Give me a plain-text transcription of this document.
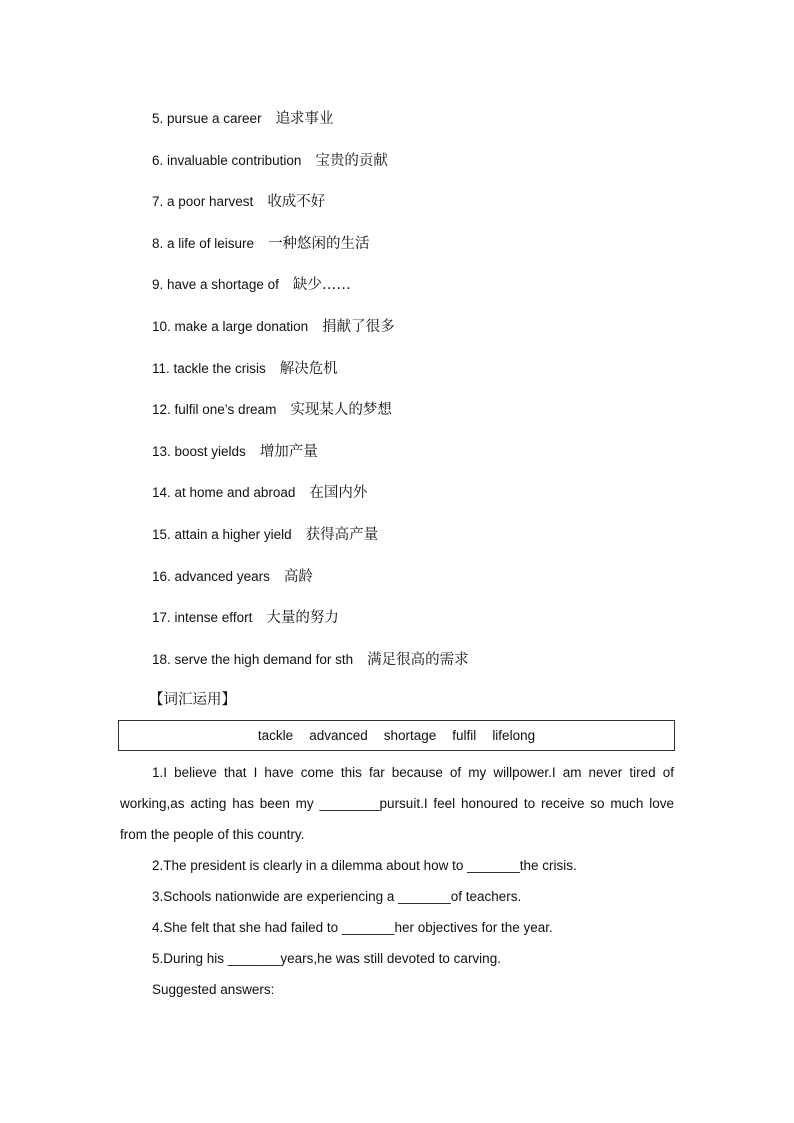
5. pursue a career 追求事业
6. invaluable contribution 宝贵的贡献
7. a poor harvest 收成不好
8. a life of leisure 一种悠闲的生活
9. have a shortage of 缺少……
10. make a large donation 捐献了很多
11. tackle the crisis 解决危机
12. fulfil one’s dream 实现某人的梦想
13. boost yields 增加产量
14. at home and abroad 在国内外
15. attain a higher yield 获得高产量
16. advanced years 高龄
17. intense effort 大量的努力
18. serve the high demand for sth 满足很高的需求
【词汇运用】
tackle advanced shortage fulfil lifelong

1.I believe that I have come this far because of my willpower.I am never tired of working,as acting has been my ________pursuit.I feel honoured to receive so much love from the people of this country.

2.The president is clearly in a dilemma about how to _______the crisis.

3.Schools nationwide are experiencing a _______of teachers.

4.She felt that she had failed to _______her objectives for the year.

5.During his _______years,he was still devoted to carving.

Suggested answers:
